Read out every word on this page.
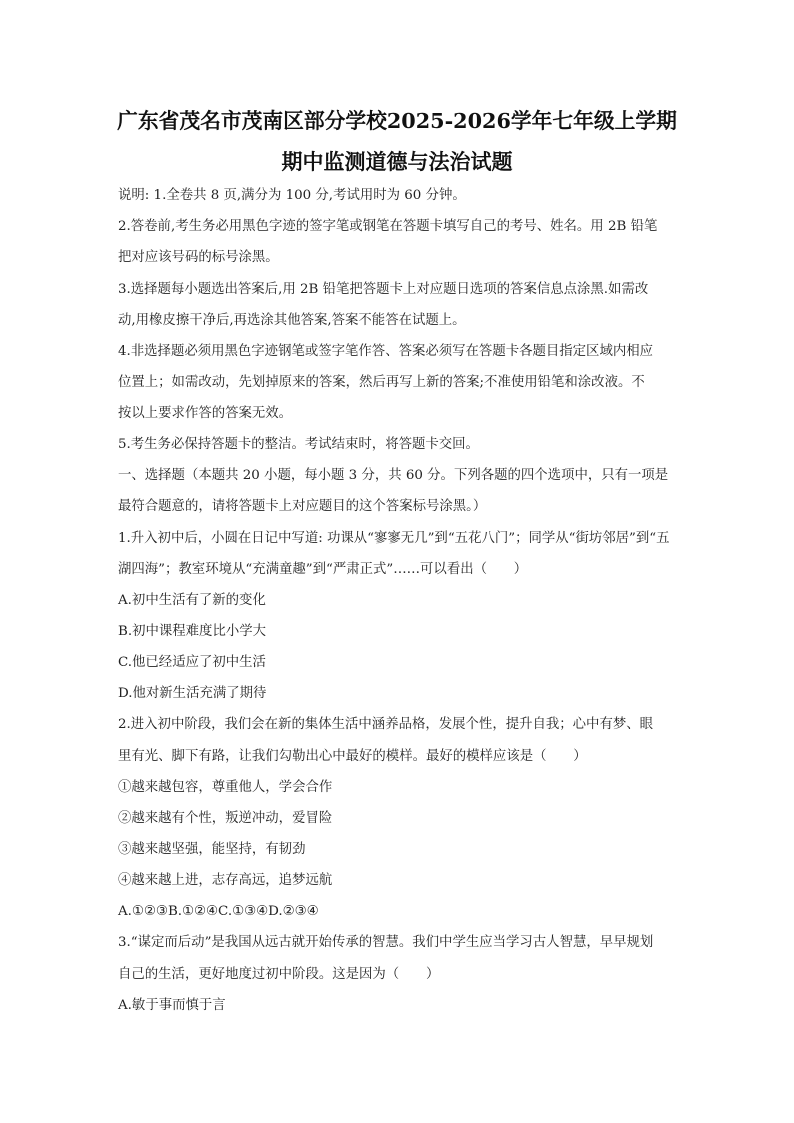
广东省茂名市茂南区部分学校2025-2026学年七年级上学期
期中监测道德与法治试题
说明: 1.全卷共 8 页,满分为 100 分,考试用时为 60 分钟。
2.答卷前,考生务必用黑色字迹的签字笔或钢笔在答题卡填写自己的考号、姓名。用 2B 铅笔
把对应该号码的标号涂黑。
3.选择题每小题选出答案后,用 2B 铅笔把答题卡上对应题日选项的答案信息点涂黑.如需改
动,用橡皮擦干净后,再选涂其他答案,答案不能答在试题上。
4.非选择题必须用黑色字迹钢笔或签字笔作答、答案必须写在答题卡各题目指定区域内相应
位置上；如需改动，先划掉原来的答案，然后再写上新的答案;不准使用铅笔和涂改液。不
按以上要求作答的答案无效。
5.考生务必保持答题卡的整洁。考试结束时，将答题卡交回。
一、选择题（本题共 20 小题，每小题 3 分，共 60 分。下列各题的四个选项中，只有一项是
最符合题意的，请将答题卡上对应题目的这个答案标号涂黑。）
1.升入初中后，小圆在日记中写道: 功课从“寥寥无几”到“五花八门”；同学从“街坊邻居”到“五
湖四海”；教室环境从“充满童趣”到“严肃正式”……可以看出（　　）
A.初中生活有了新的变化
B.初中课程难度比小学大
C.他已经适应了初中生活
D.他对新生活充满了期待
2.进入初中阶段，我们会在新的集体生活中涵养品格，发展个性，提升自我；心中有梦、眼
里有光、脚下有路，让我们勾勒出心中最好的模样。最好的模样应该是（　　）
①越来越包容，尊重他人，学会合作
②越来越有个性，叛逆冲动，爱冒险
③越来越坚强，能坚持，有韧劲
④越来越上进，志存高远，追梦远航
A.①②③B.①②④C.①③④D.②③④
3.“谋定而后动”是我国从远古就开始传承的智慧。我们中学生应当学习古人智慧，早早规划
自己的生活，更好地度过初中阶段。这是因为（　　）
A.敏于事而慎于言
